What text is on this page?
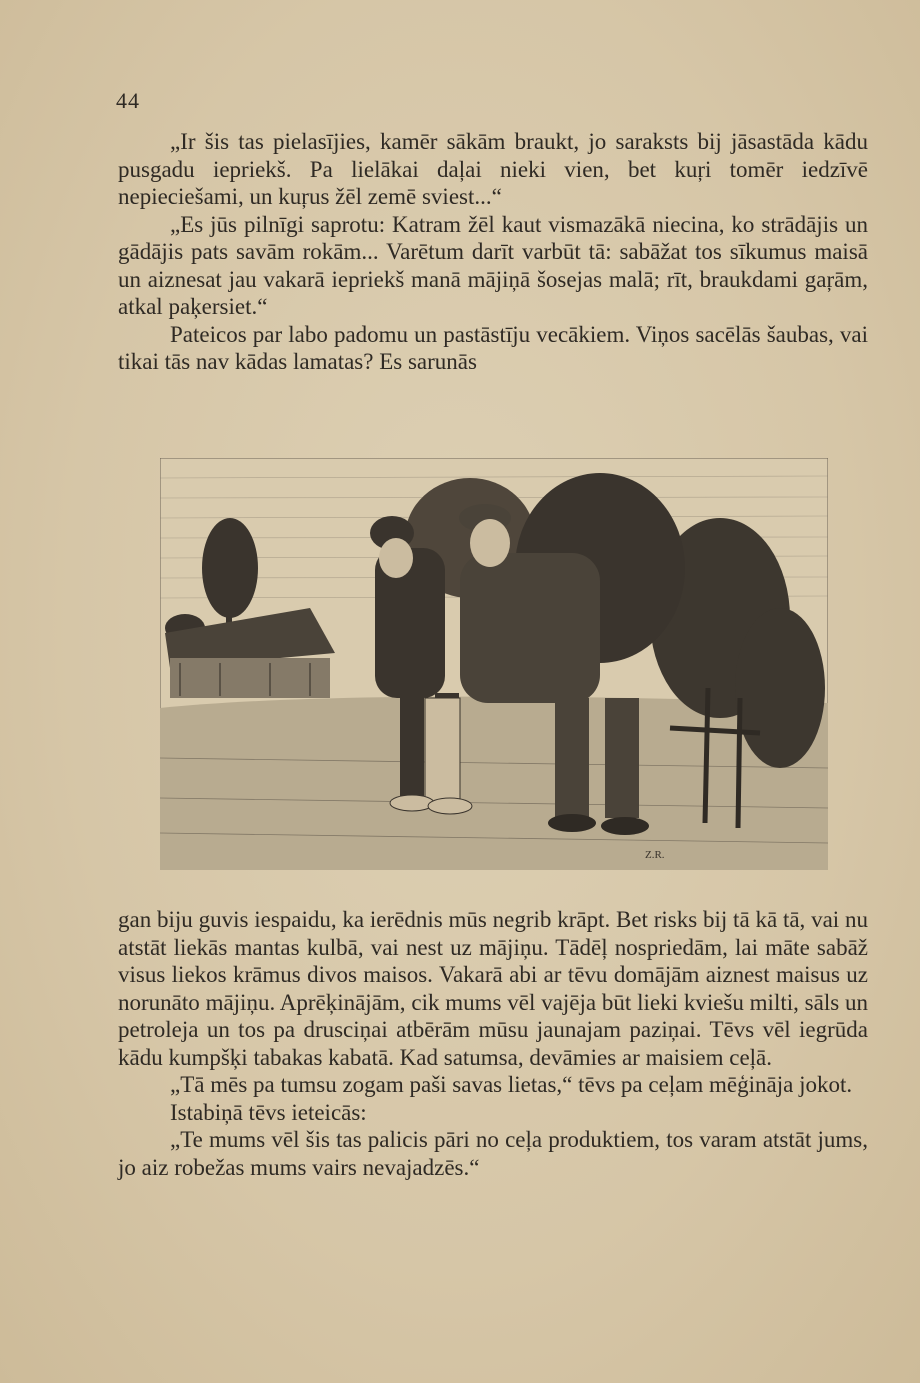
44

„Ir šis tas pielasījies, kamēr sākām braukt, jo saraksts bij jāsastāda kādu pusgadu iepriekš. Pa lielākai daļai nieki vien, bet kuŗi tomēr iedzīvē nepieciešami, un kuŗus žēl zemē sviest...“

„Es jūs pilnīgi saprotu: Katram žēl kaut vismazākā niecina, ko strādājis un gādājis pats savām rokām... Varētum darīt varbūt tā: sabāžat tos sīkumus maisā un aiznesat jau vakarā iepriekš manā mājiņā šosejas malā; rīt, braukdami gaŗām, atkal paķersiet.“

Pateicos par labo padomu un pastāstīju vecākiem. Viņos sacēlās šaubas, vai tikai tās nav kādas lamatas? Es sarunās

Z.R.

gan biju guvis iespaidu, ka ierēdnis mūs negrib krāpt. Bet risks bij tā kā tā, vai nu atstāt liekās mantas kulbā, vai nest uz mājiņu. Tādēļ nospriedām, lai māte sabāž visus liekos krāmus divos maisos. Vakarā abi ar tēvu domājām aiznest maisus uz norunāto mājiņu. Aprēķinājām, cik mums vēl vajēja būt lieki kviešu milti, sāls un petroleja un tos pa drusciņai atbērām mūsu jaunajam paziņai. Tēvs vēl iegrūda kādu kumpšķi tabakas kabatā. Kad satumsa, devāmies ar maisiem ceļā.

„Tā mēs pa tumsu zogam paši savas lietas,“ tēvs pa ceļam mēģināja jokot.

Istabiņā tēvs ieteicās:

„Te mums vēl šis tas palicis pāri no ceļa produktiem, tos varam atstāt jums, jo aiz robežas mums vairs nevajadzēs.“
